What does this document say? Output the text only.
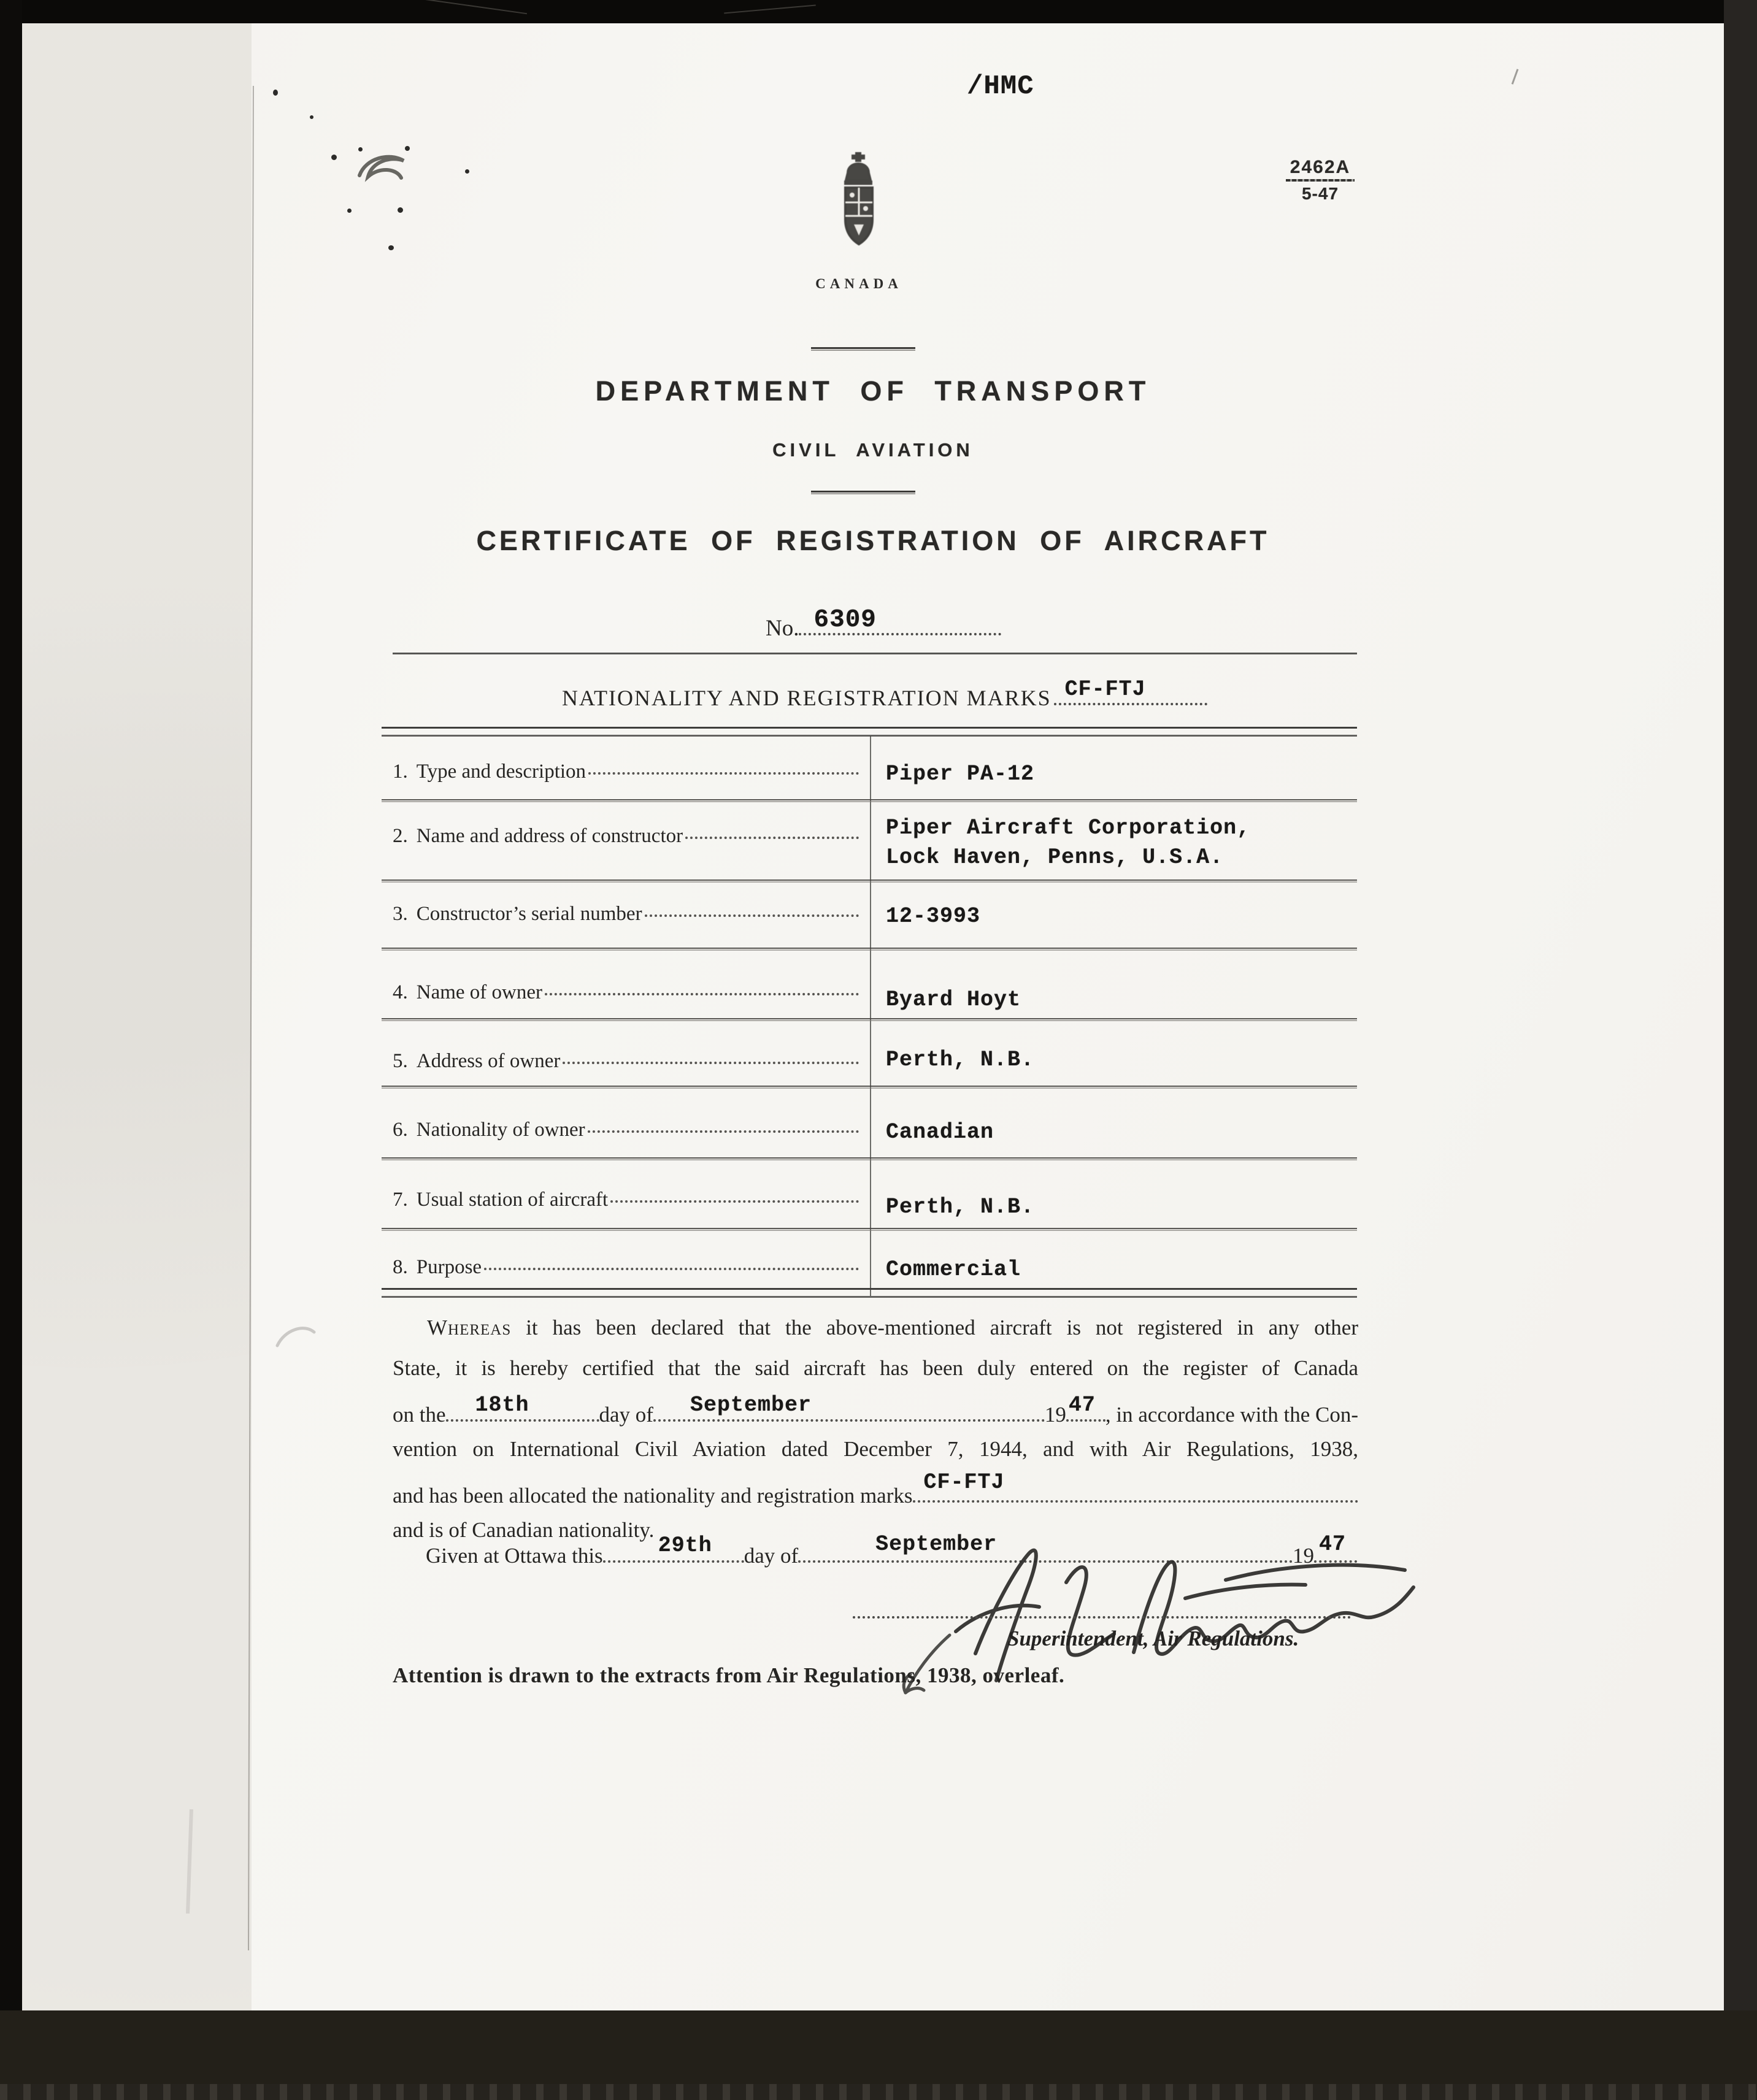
/HMC
2462A
5-47
CANADA
DEPARTMENT OF TRANSPORT
CIVIL AVIATION
CERTIFICATE OF REGISTRATION OF AIRCRAFT
No. 6309
NATIONALITY AND REGISTRATION MARKS CF-FTJ
1. Type and description	Piper PA-12
2. Name and address of constructor	Piper Aircraft Corporation,
Lock Haven, Penns, U.S.A.
3. Constructor’s serial number	12-3993
4. Name of owner	Byard Hoyt
5. Address of owner	Perth, N.B.
6. Nationality of owner	Canadian
7. Usual station of aircraft	Perth, N.B.
8. Purpose	Commercial
Whereas it has been declared that the above-mentioned aircraft is not registered in any other
State, it is hereby certified that the said aircraft has been duly entered on the register of Canada
on the 18th	day of September	19 47 , in accordance with the Con-
vention on International Civil Aviation dated December 7, 1944, and with Air Regulations, 1938,
and has been allocated the nationality and registration marks
CF-FTJ
and is of Canadian nationality.
Given at Ottawa this	29th day of	September	19 47
Superintendent, Air Regulations.
Attention is drawn to the extracts from Air Regulations, 1938, overleaf.
